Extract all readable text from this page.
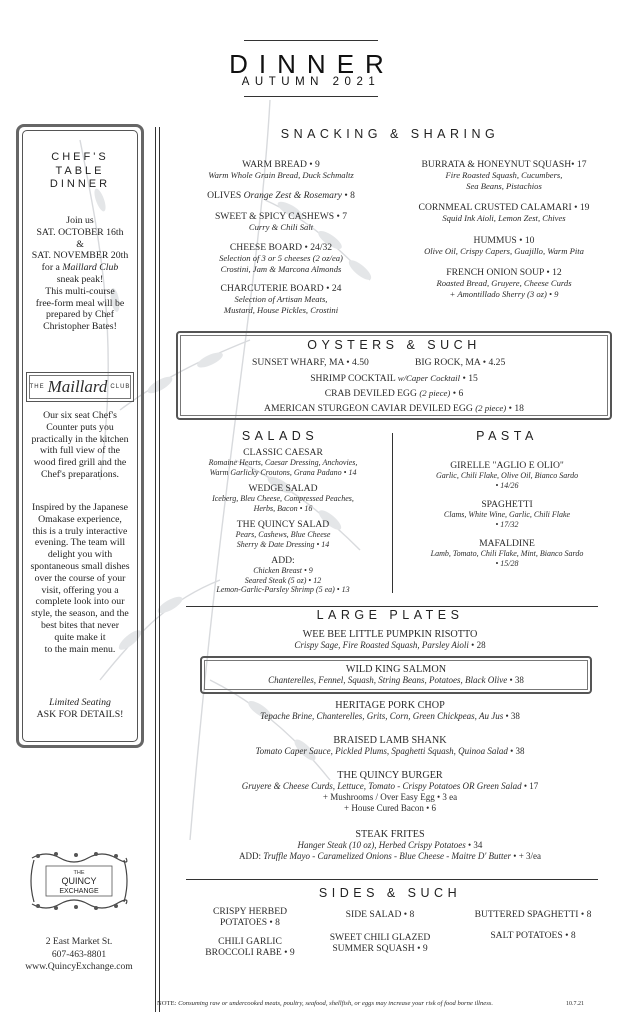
DINNER
AUTUMN 2021
CHEF'S
TABLE
DINNER
Join us
SAT. OCTOBER 16th
&
SAT. NOVEMBER 20th
for a Maillard Club
sneak peak!
This multi-course
free-form meal will be
prepared by Chef
Christopher Bates!
THE Maillard CLUB
Our six seat Chef's
Counter puts you
practically in the kitchen
with full view of the
wood fired grill and the
Chef's preparations.
Inspired by the Japanese
Omakase experience,
this is a truly interactive
evening. The team will
delight you with
spontaneous small dishes
over the course of your
visit, offering you a
complete look into our
style, the season, and the
best bites that never
quite make it
to the main menu.
Limited Seating
ASK FOR DETAILS!
THE
QUINCY
EXCHANGE
2 East Market St.
607-463-8801
www.QuincyExchange.com
SNACKING & SHARING
WARM BREAD • 9
Warm Whole Grain Bread, Duck Schmaltz
OLIVES Orange Zest & Rosemary • 8
SWEET & SPICY CASHEWS • 7
Curry & Chili Salt
CHEESE BOARD • 24/32
Selection of 3 or 5 cheeses (2 oz/ea)
Crostini, Jam & Marcona Almonds
CHARCUTERIE BOARD • 24
Selection of Artisan Meats,
Mustard, House Pickles, Crostini
BURRATA & HONEYNUT SQUASH• 17
Fire Roasted Squash, Cucumbers,
Sea Beans, Pistachios
CORNMEAL CRUSTED CALAMARI • 19
Squid Ink Aioli, Lemon Zest, Chives
HUMMUS • 10
Olive Oil, Crispy Capers, Guajillo, Warm Pita
FRENCH ONION SOUP • 12
Roasted Bread, Gruyere, Cheese Curds
+ Amontillado Sherry (3 oz) • 9
OYSTERS & SUCH
SUNSET WHARF, MA • 4.50	BIG ROCK, MA • 4.25
SHRIMP COCKTAIL w/Caper Cocktail • 15
CRAB DEVILED EGG (2 piece) • 6
AMERICAN STURGEON CAVIAR DEVILED EGG (2 piece) • 18
SALADS
CLASSIC CAESAR
Romaine Hearts, Caesar Dressing, Anchovies,
Warm Garlicky Croutons, Grana Padano • 14
WEDGE SALAD
Iceberg, Bleu Cheese, Compressed Peaches,
Herbs, Bacon • 16
THE QUINCY SALAD
Pears, Cashews, Blue Cheese
Sherry & Date Dressing • 14
ADD:
Chicken Breast • 9
Seared Steak (5 oz) • 12
Lemon-Garlic-Parsley Shrimp (5 ea) • 13
PASTA
GIRELLE "AGLIO E OLIO"
Garlic, Chili Flake, Olive Oil, Bianco Sardo
• 14/26
SPAGHETTI
Clams, White Wine, Garlic, Chili Flake
• 17/32
MAFALDINE
Lamb, Tomato, Chili Flake, Mint, Bianco Sardo
• 15/28
LARGE PLATES
WEE BEE LITTLE PUMPKIN RISOTTO
Crispy Sage, Fire Roasted Squash, Parsley Aioli • 28
WILD KING SALMON
Chanterelles, Fennel, Squash, String Beans, Potatoes, Black Olive • 38
HERITAGE PORK CHOP
Tepache Brine, Chanterelles, Grits, Corn, Green Chickpeas, Au Jus • 38
BRAISED LAMB SHANK
Tomato Caper Sauce, Pickled Plums, Spaghetti Squash, Quinoa Salad • 38
THE QUINCY BURGER
Gruyere & Cheese Curds, Lettuce, Tomato - Crispy Potatoes OR Green Salad • 17
+ Mushrooms / Over Easy Egg • 3 ea
+ House Cured Bacon • 6
STEAK FRITES
Hanger Steak (10 oz), Herbed Crispy Potatoes • 34
ADD: Truffle Mayo - Caramelized Onions - Blue Cheese - Maitre D' Butter • + 3/ea
SIDES & SUCH
CRISPY HERBED
POTATOES • 8
CHILI GARLIC
BROCCOLI RABE • 9
SIDE SALAD • 8
SWEET CHILI GLAZED
SUMMER SQUASH • 9
BUTTERED SPAGHETTI • 8
SALT POTATOES • 8
NOTE: Consuming raw or undercooked meats, poultry, seafood, shellfish, or eggs may increase your risk of food borne illness.	10.7.21
